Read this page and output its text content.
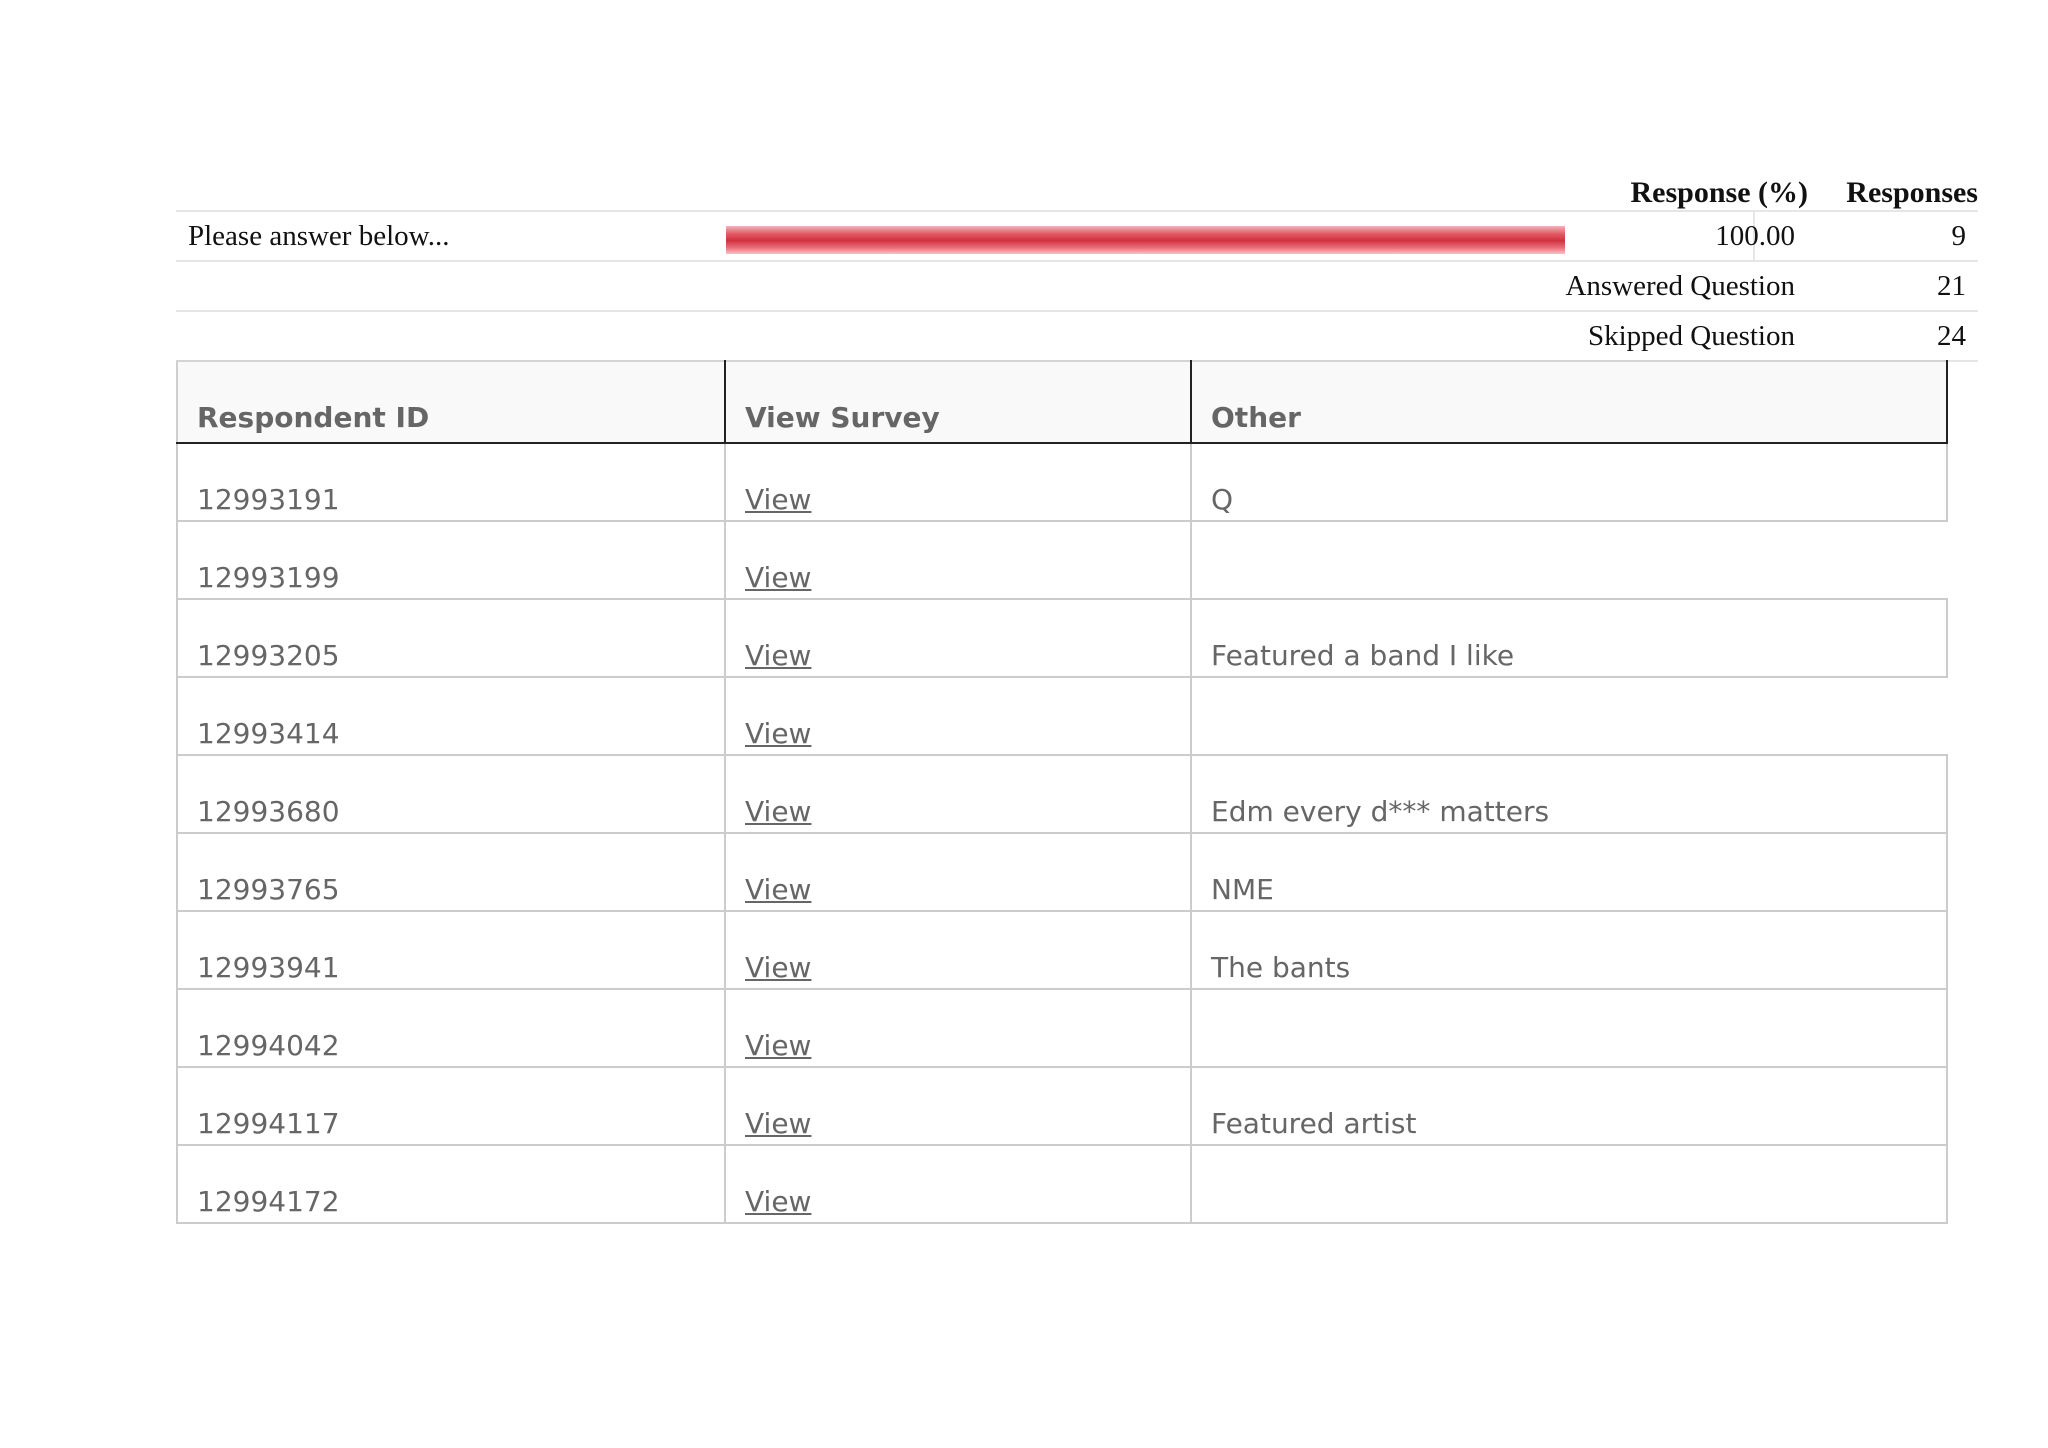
Response (%) Responses
Please answer below...	100.00	9
Answered Question	21
Skipped Question	24
Respondent ID	View Survey	Other
12993191	View	Q
12993199	View	
12993205	View	Featured a band I like
12993414	View	
12993680	View	Edm every d*** matters
12993765	View	NME
12993941	View	The bants
12994042	View	
12994117	View	Featured artist
12994172	View	
